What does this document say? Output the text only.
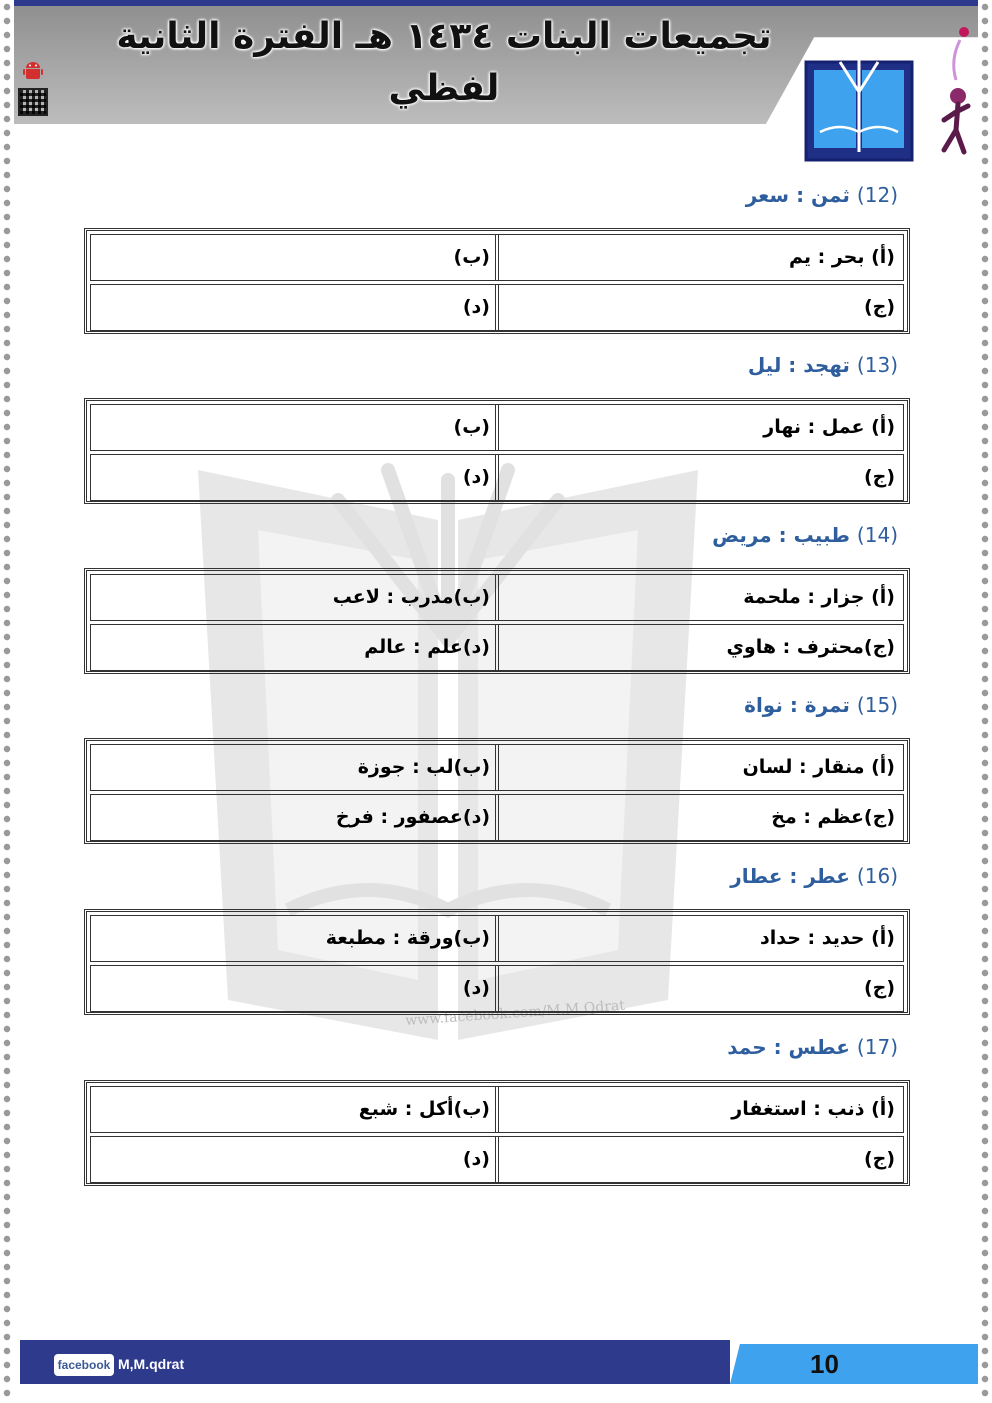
تجميعات البنات ١٤٣٤ هـ الفترة الثانية
لفظي
www.facebook.com/M.M.Qdrat
(12) ثمن : سعر
(أ) بحر : يم
(ب)
(ج)
(د)
(13) تهجد : ليل
(أ) عمل : نهار
(ب)
(ج)
(د)
(14) طبيب : مريض
(أ) جزار : ملحمة
(ب)مدرب : لاعب
(ج)محترف : هاوي
(د)علم : عالم
(15) تمرة : نواة
(أ) منقار : لسان
(ب)لب : جوزة
(ج)عظم : مخ
(د)عصفور : فرخ
(16) عطر : عطار
(أ) حديد : حداد
(ب)ورقة : مطبعة
(ج)
(د)
(17) عطس : حمد
(أ) ذنب : استغفار
(ب)أكل : شبع
(ج)
(د)
facebook M,M.qdrat	10
